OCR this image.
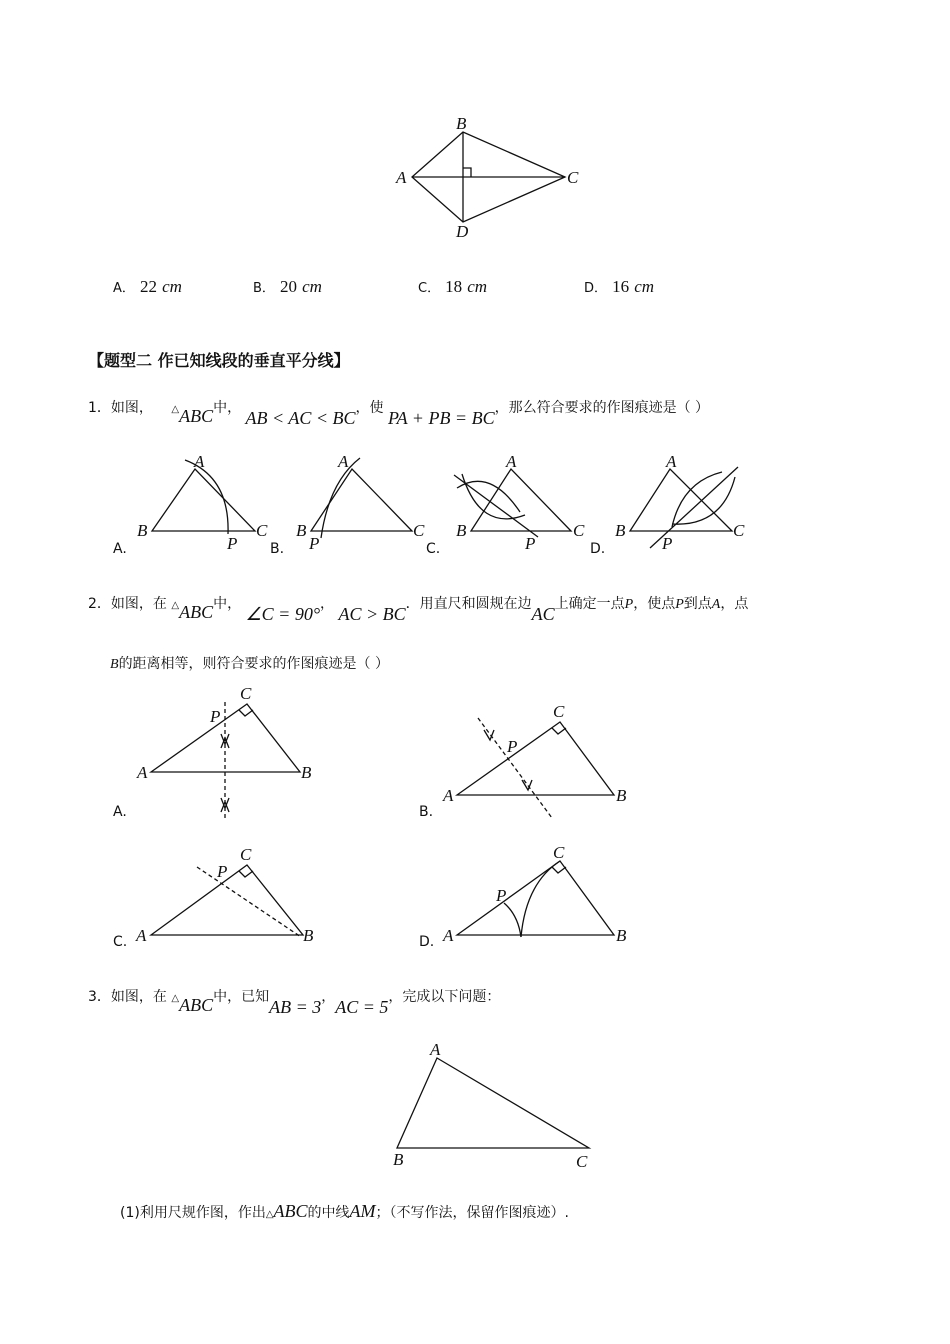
B
A	C
D
A． 22 cm	B． 20 cm	C． 18 cm	D． 16 cm
【题型二 作已知线段的垂直平分线】
1．如图， △ABC中， AB < AC < BC，使 PA + PB = BC，那么符合要求的作图痕迹是（ ）
A
B	C
P
A.
A
B	C
P
B.
A
B	C
P
C.
A
B	C
P
D.
2．如图，在 △ABC中， ∠C = 90°， AC > BC．用直尺和圆规在边AC上确定一点P，使点P到点A，点
B的距离相等，则符合要求的作图痕迹是（ ）
C
P
A	B
A.
C
P
A	B
B.
C
P
A	B
C.
C
P
A	B
D.
3．如图，在 △ABC中，已知AB = 3，AC = 5，完成以下问题：
A
B	C
(1)利用尺规作图，作出△ABC的中线AM；（不写作法，保留作图痕迹）.
